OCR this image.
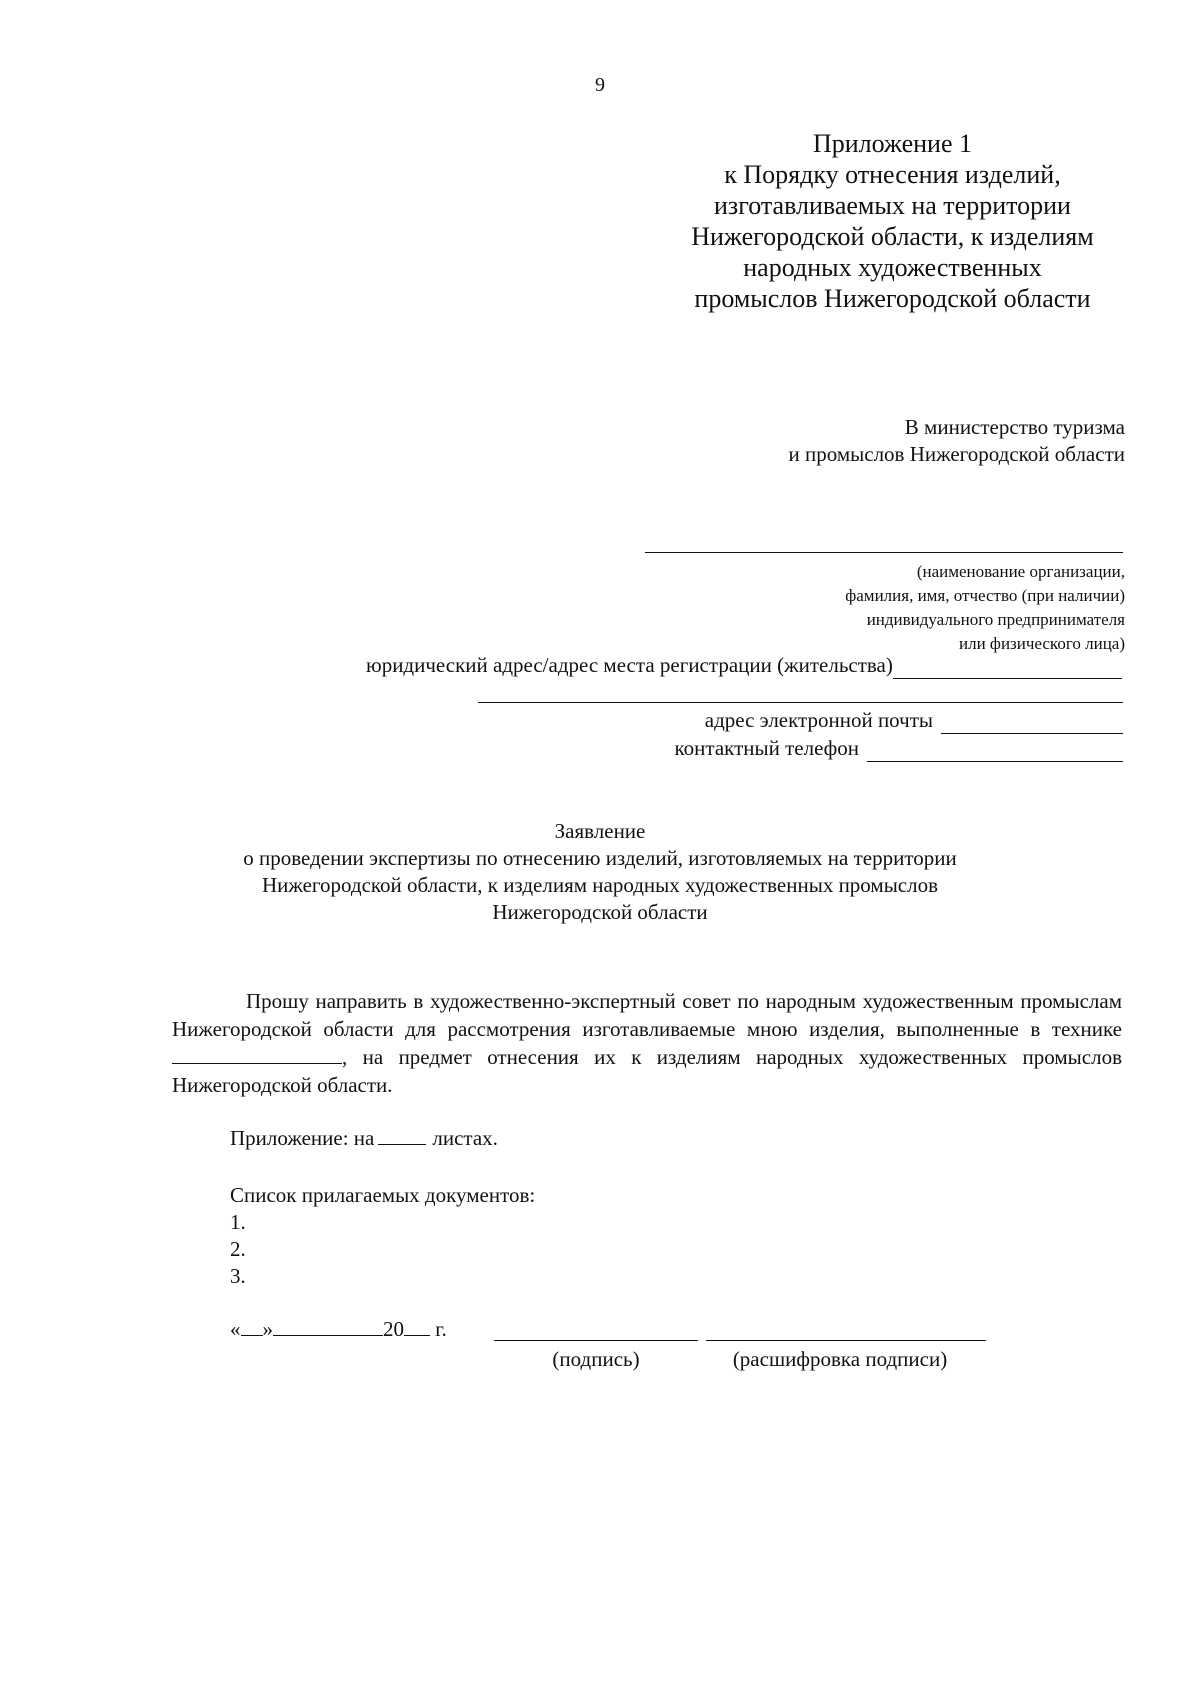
9
Приложение 1
к Порядку отнесения изделий,
изготавливаемых на территории
Нижегородской области, к изделиям
народных художественных
промыслов Нижегородской области
В министерство туризма
и промыслов Нижегородской области
(наименование организации,
фамилия, имя, отчество (при наличии)
индивидуального предпринимателя
или физического лица)
юридический адрес/адрес места регистрации (жительства)
адрес электронной почты
контактный телефон
Заявление
о проведении экспертизы по отнесению изделий, изготовляемых на территории
Нижегородской области, к изделиям народных художественных промыслов
Нижегородской области

Прошу направить в художественно-экспертный совет по народным художественным промыслам Нижегородской области для рассмотрения изготавливаемые мною изделия, выполненные в технике , на предмет отнесения их к изделиям народных художественных промыслов Нижегородской области.

Приложение: на	листах.
Список прилагаемых документов:
1.
2.
3.
« »	20 г.
(подпись)	(расшифровка подписи)
